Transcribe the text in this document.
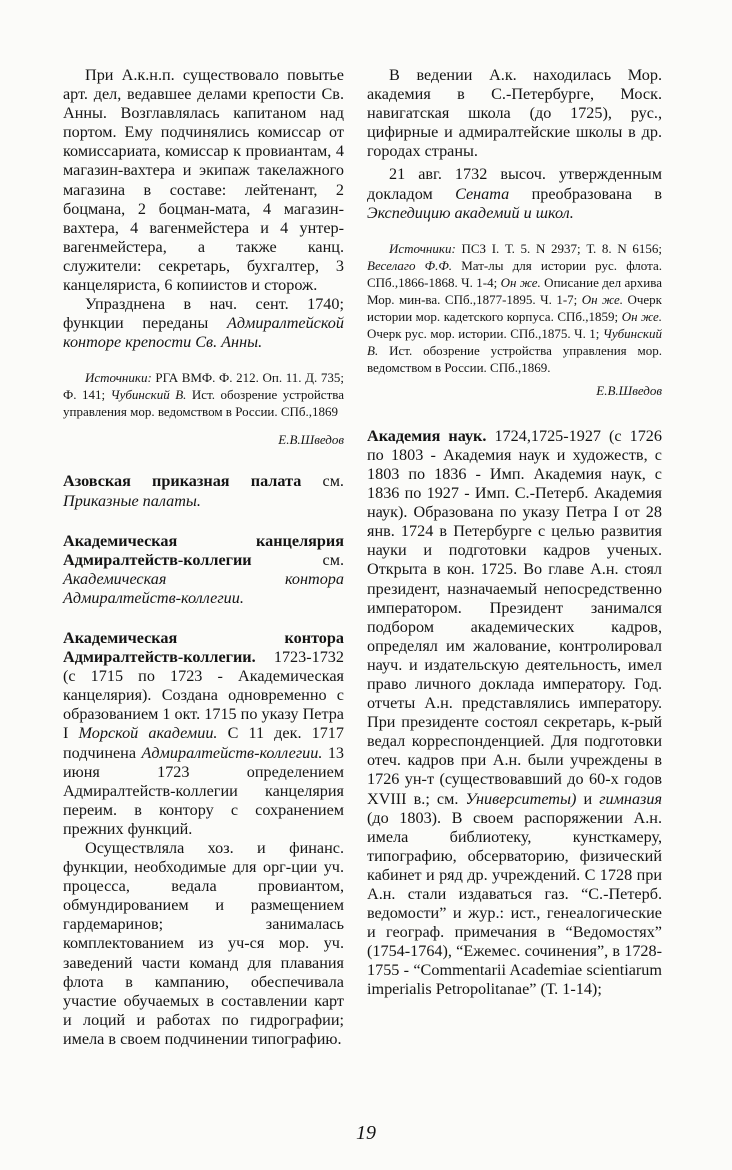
При А.к.н.п. существовало повытье арт. дел, ведавшее делами крепости Св. Анны. Возглавлялась капитаном над портом. Ему подчинялись комиссар от комиссариата, комиссар к провиантам, 4 магазин-вахтера и экипаж такелажного магазина в составе: лейтенант, 2 боцмана, 2 боцман-мата, 4 магазин-вахтера, 4 вагенмейстера и 4 унтер-вагенмейстера, а также канц. служители: секретарь, бухгалтер, 3 канцеляриста, 6 копиистов и сторож.

Упразднена в нач. сент. 1740; функции переданы Адмиралтейской конторе крепости Св. Анны.

Источники: РГА ВМФ. Ф. 212. Оп. 11. Д. 735; Ф. 141; Чубинский В. Ист. обозрение устройства управления мор. ведомством в России. СПб.,1869

Е.В.Шведов

Азовская приказная палата см. Приказные палаты.

Академическая канцелярия Адмиралтейств-коллегии см. Академическая контора Адмиралтейств-коллегии.

Академическая контора Адмиралтейств-коллегии. 1723-1732 (с 1715 по 1723 - Академическая канцелярия). Создана одновременно с образованием 1 окт. 1715 по указу Петра I Морской академии. С 11 дек. 1717 подчинена Адмиралтейств-коллегии. 13 июня 1723 определением Адмиралтейств-коллегии канцелярия переим. в контору с сохранением прежних функций.

Осуществляла хоз. и финанс. функции, необходимые для орг-ции уч. процесса, ведала провиантом, обмундированием и размещением гардемаринов; занималась комплектованием из уч-ся мор. уч. заведений части команд для плавания флота в кампанию, обеспечивала участие обучаемых в составлении карт и лоций и работах по гидрографии; имела в своем подчинении типографию.

В ведении А.к. находилась Мор. академия в С.-Петербурге, Моск. навигатская школа (до 1725), рус., цифирные и адмиралтейские школы в др. городах страны.

21 авг. 1732 высоч. утвержденным докладом Сената преобразована в Экспедицию академий и школ.

Источники: ПСЗ I. Т. 5. N 2937; Т. 8. N 6156; Веселаго Ф.Ф. Мат-лы для истории рус. флота. СПб.,1866-1868. Ч. 1-4; Он же. Описание дел архива Мор. мин-ва. СПб.,1877-1895. Ч. 1-7; Он же. Очерк истории мор. кадетского корпуса. СПб.,1859; Он же. Очерк рус. мор. истории. СПб.,1875. Ч. 1; Чубинский В. Ист. обозрение устройства управления мор. ведомством в России. СПб.,1869.

Е.В.Шведов

Академия наук. 1724,1725-1927 (с 1726 по 1803 - Академия наук и художеств, с 1803 по 1836 - Имп. Академия наук, с 1836 по 1927 - Имп. С.-Петерб. Академия наук). Образована по указу Петра I от 28 янв. 1724 в Петербурге с целью развития науки и подготовки кадров ученых. Открыта в кон. 1725. Во главе А.н. стоял президент, назначаемый непосредственно императором. Президент занимался подбором академических кадров, определял им жалование, контролировал науч. и издательскую деятельность, имел право личного доклада императору. Год. отчеты А.н. представлялись императору. При президенте состоял секретарь, к-рый ведал корреспонденцией. Для подготовки отеч. кадров при А.н. были учреждены в 1726 ун-т (существовавший до 60-х годов XVIII в.; см. Университеты) и гимназия (до 1803). В своем распоряжении А.н. имела библиотеку, кунсткамеру, типографию, обсерваторию, физический кабинет и ряд др. учреждений. С 1728 при А.н. стали издаваться газ. “С.-Петерб. ведомости” и жур.: ист., генеалогические и географ. примечания в “Ведомостях” (1754-1764), “Ежемес. сочинения”, в 1728-1755 - “Commentarii Academiae scientiarum imperialis Petropolitanae” (Т. 1-14);

19
